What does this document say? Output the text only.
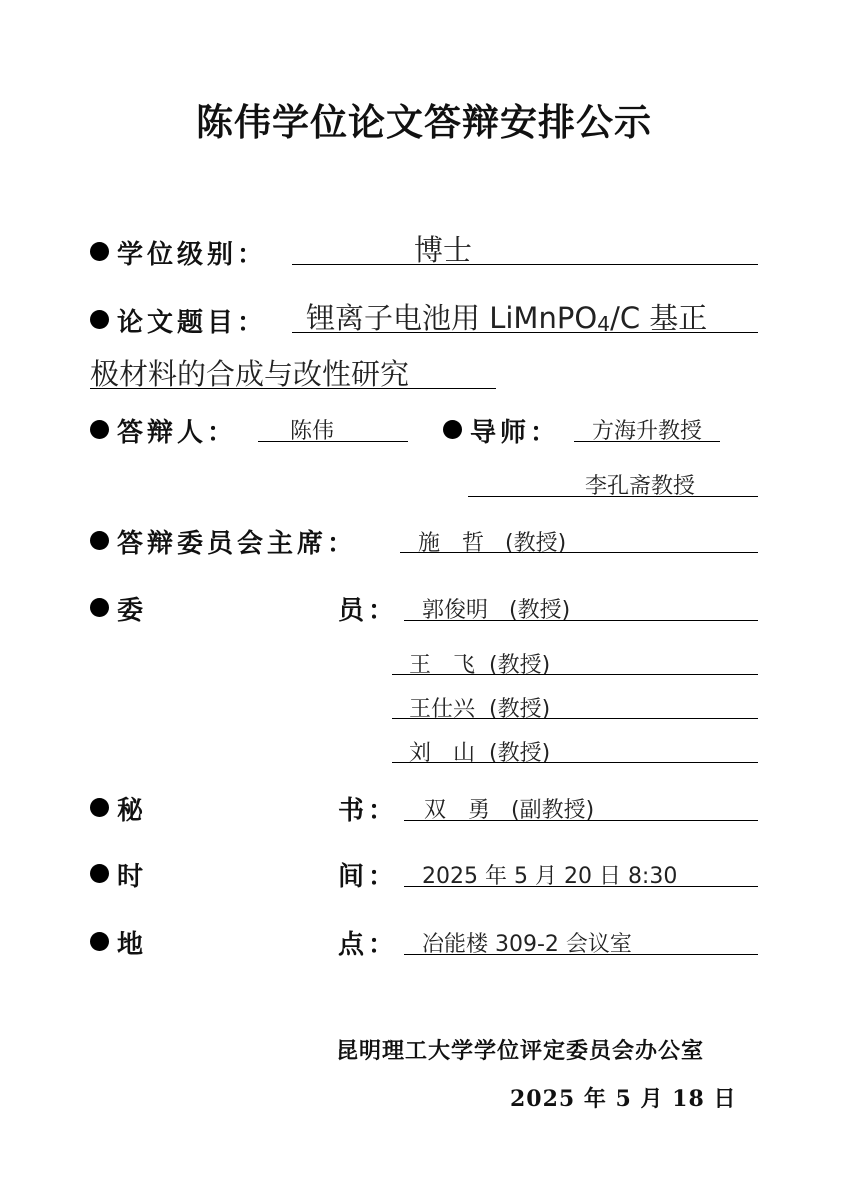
陈伟学位论文答辩安排公示
学位级别：	博士
论文题目： 锂离子电池用 LiMnPO$_4$/C 基正
极材料的合成与改性研究
答辩人： 陈伟	导师： 方海升教授
李孔斋教授
答辩委员会主席：	施　哲 (教授)
委	员： 郭俊明 (教授)
王　飞 (教授)
王仕兴 (教授)
刘　山 (教授)
秘	书： 双　勇 (副教授)
时	间： 2025 年 5 月 20 日 8:30
地	点： 冶能楼 309-2 会议室
昆明理工大学学位评定委员会办公室
2025 年 5 月 18 日
